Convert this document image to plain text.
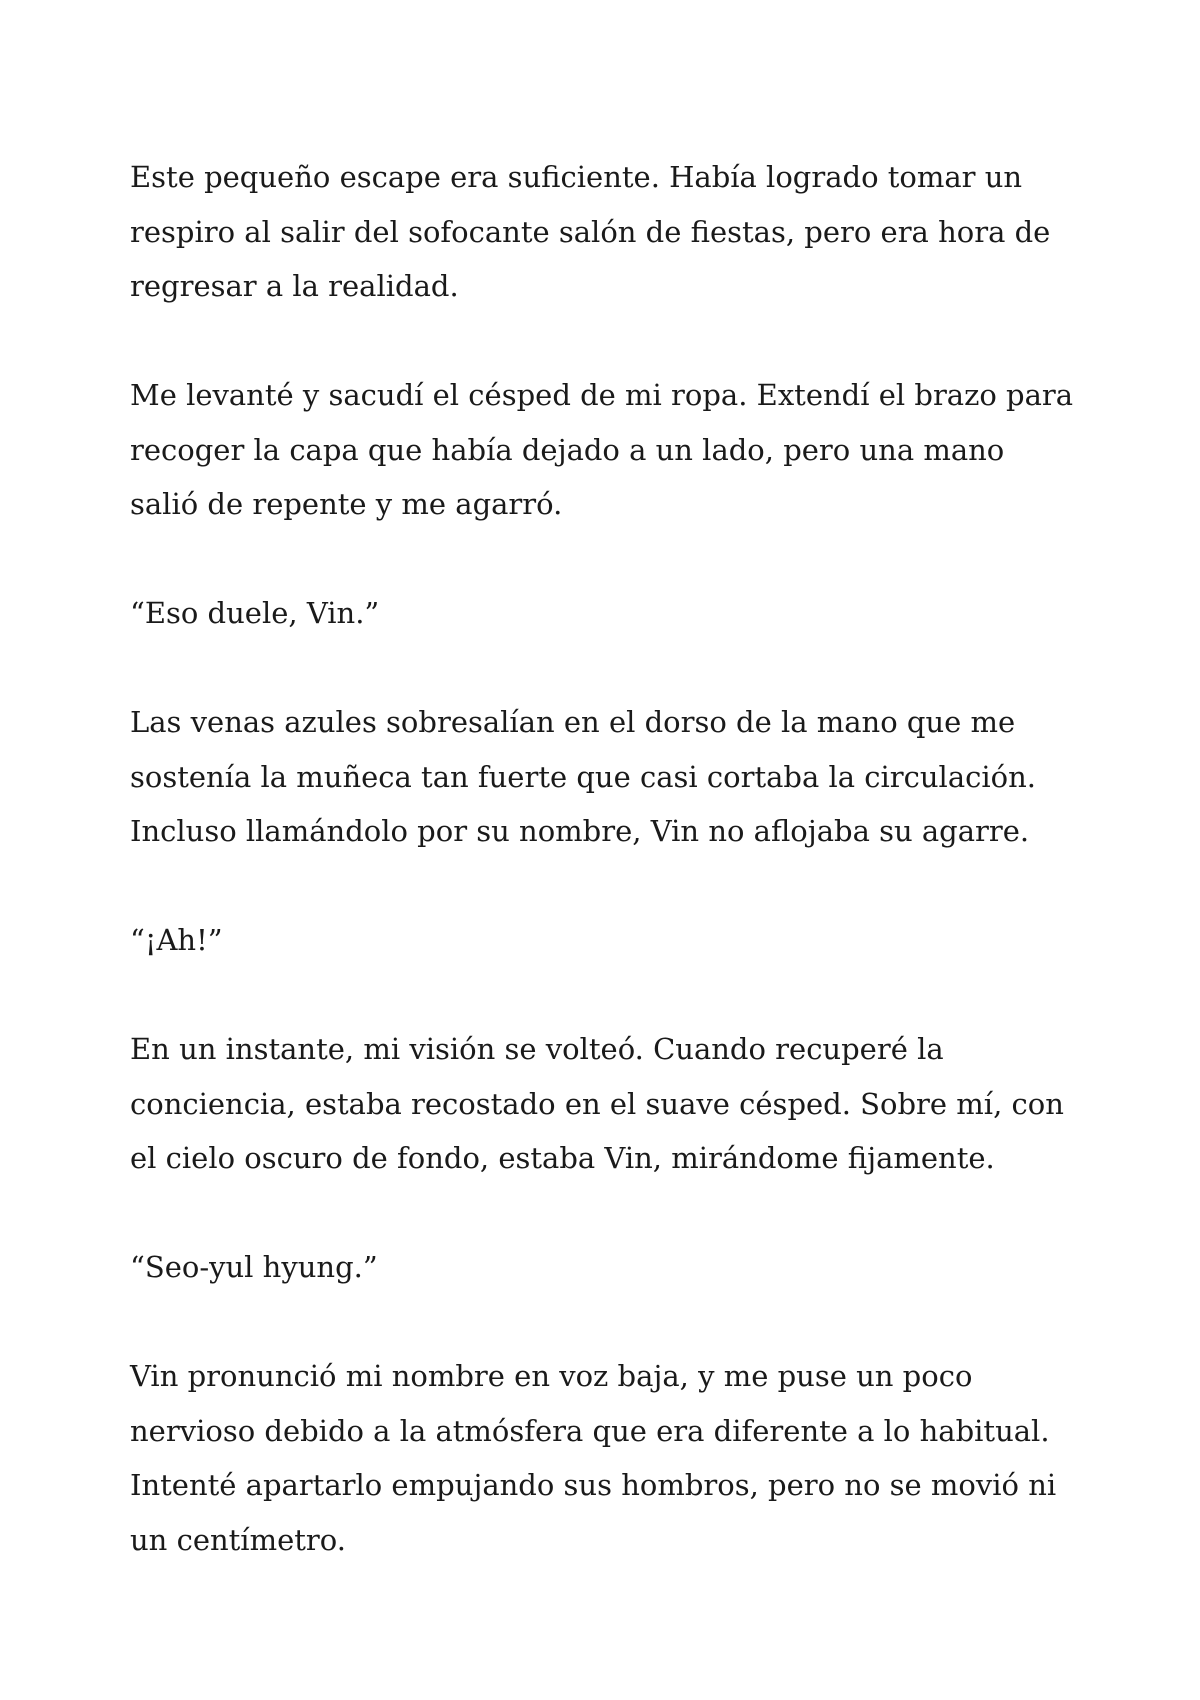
Este pequeño escape era suficiente. Había logrado tomar un respiro al salir del sofocante salón de fiestas, pero era hora de regresar a la realidad.

Me levanté y sacudí el césped de mi ropa. Extendí el brazo para recoger la capa que había dejado a un lado, pero una mano salió de repente y me agarró.

“Eso duele, Vin.”

Las venas azules sobresalían en el dorso de la mano que me sostenía la muñeca tan fuerte que casi cortaba la circulación. Incluso llamándolo por su nombre, Vin no aflojaba su agarre.

“¡Ah!”

En un instante, mi visión se volteó. Cuando recuperé la conciencia, estaba recostado en el suave césped. Sobre mí, con el cielo oscuro de fondo, estaba Vin, mirándome fijamente.

“Seo-yul hyung.”

Vin pronunció mi nombre en voz baja, y me puse un poco nervioso debido a la atmósfera que era diferente a lo habitual. Intenté apartarlo empujando sus hombros, pero no se movió ni un centímetro.
